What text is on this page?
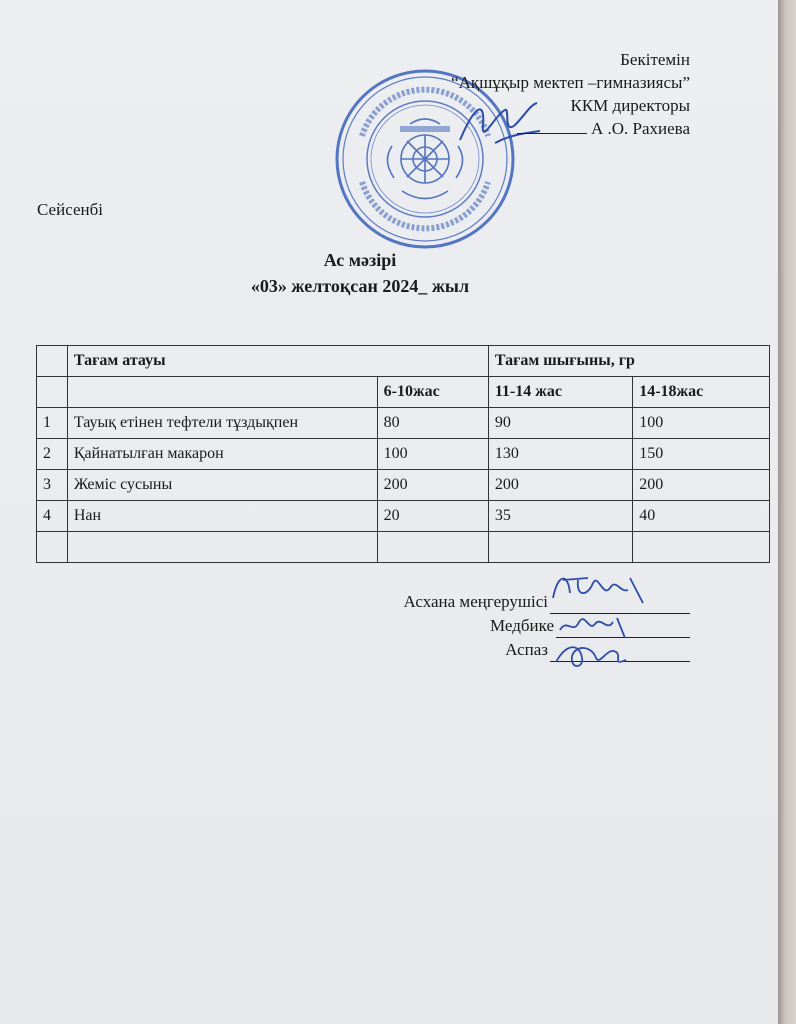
Бекітемін
“Ақшұқыр мектеп –гимназиясы”
ККМ директоры
А .О. Рахиева
Сейсенбі
Ас мәзірі
«03» желтоқсан 2024_ жыл
	Тағам атауы		Тағам шығыны, гр	
		6-10жас	11-14 жас	14-18жас
1	Тауық етінен тефтели тұздықпен	80	90	100
2	Қайнатылған макарон	100	130	150
3	Жеміс сусыны	200	200	200
4	Нан	20	35	40

Асхана меңгерушісі
Медбике
Аспаз
